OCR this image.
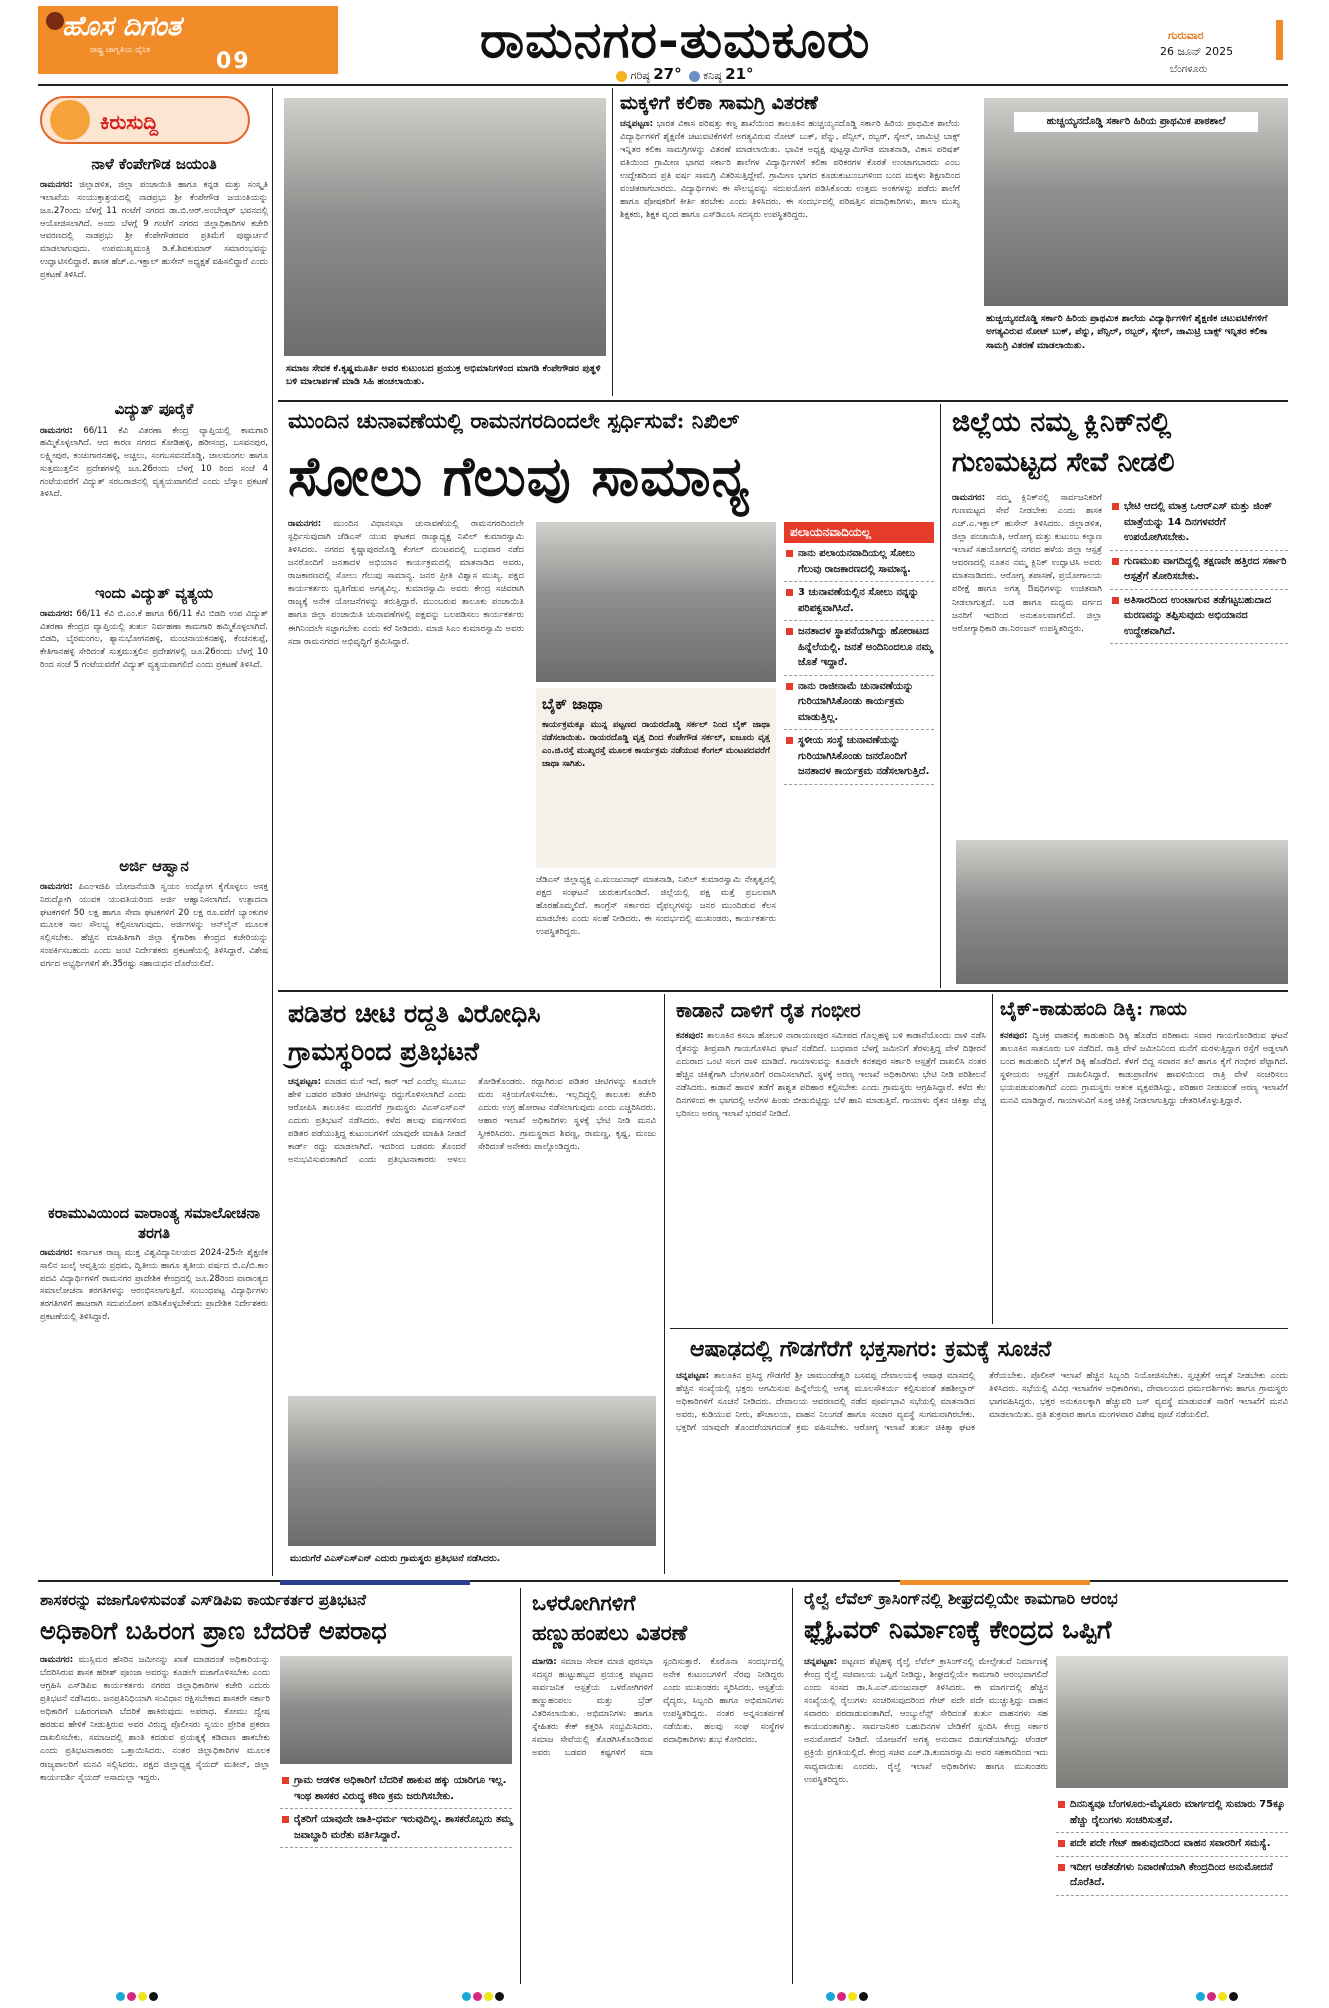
ಹೊಸ ದಿಗಂತ
ರಾಷ್ಟ್ರ ಜಾಗೃತಿಯ ದೈನಿಕ	09	ರಾಮನಗರ-ತುಮಕೂರು
ಗರಿಷ್ಠ 27° ಕನಿಷ್ಠ 21°
ಗುರುವಾರ
26 ಜೂನ್ 2025
ಬೆಂಗಳೂರು
ಕಿರುಸುದ್ದಿ
ನಾಳೆ ಕೆಂಪೇಗೌಡ ಜಯಂತಿ
ರಾಮನಗರ: ಜಿಲ್ಲಾಡಳಿತ, ಜಿಲ್ಲಾ ಪಂಚಾಯಿತಿ ಹಾಗೂ ಕನ್ನಡ ಮತ್ತು ಸಂಸ್ಕೃತಿ ಇಲಾಖೆಯ ಸಂಯುಕ್ತಾಶ್ರಯದಲ್ಲಿ ನಾಡಪ್ರಭು ಶ್ರೀ ಕೆಂಪೇಗೌಡ ಜಯಂತಿಯನ್ನು ಜೂ.27ರಂದು ಬೆಳಗ್ಗೆ 11 ಗಂಟೆಗೆ ನಗರದ ಡಾ.ಬಿ.ಆರ್.ಅಂಬೇಡ್ಕರ್ ಭವನದಲ್ಲಿ ಆಯೋಜಿಸಲಾಗಿದೆ. ಅಂದು ಬೆಳಗ್ಗೆ 9 ಗಂಟೆಗೆ ನಗರದ ಜಿಲ್ಲಾಧಿಕಾರಿಗಳ ಕಚೇರಿ ಆವರಣದಲ್ಲಿ ನಾಡಪ್ರಭು ಶ್ರೀ ಕೆಂಪೇಗೌಡರವರ ಪ್ರತಿಮೆಗೆ ಪುಷ್ಪಾರ್ಚನೆ ಮಾಡಲಾಗುವುದು. ಉಪಮುಖ್ಯಮಂತ್ರಿ ಡಿ.ಕೆ.ಶಿವಕುಮಾರ್ ಸಮಾರಂಭವನ್ನು ಉದ್ಘಾಟಿಸಲಿದ್ದಾರೆ. ಶಾಸಕ ಹೆಚ್.ಎ.ಇಕ್ಬಾಲ್ ಹುಸೇನ್ ಅಧ್ಯಕ್ಷತೆ ವಹಿಸಲಿದ್ದಾರೆ ಎಂದು ಪ್ರಕಟಣೆ ತಿಳಿಸಿದೆ.
ವಿದ್ಯುತ್ ಪೂರೈಕೆ
ರಾಮನಗರ: 66/11 ಕೆವಿ ವಿತರಣಾ ಕೇಂದ್ರ ವ್ಯಾಪ್ತಿಯಲ್ಲಿ ಕಾಮಗಾರಿ ಹಮ್ಮಿಕೊಳ್ಳಲಾಗಿದೆ. ಆದ ಕಾರಣ ನಗರದ ಕೋಡಿಹಳ್ಳಿ, ಹರೀಸಂದ್ರ, ಬಸವನಪುರ, ಲಕ್ಷ್ಮೀಪುರ, ಕಂಚುಗಾರನಹಳ್ಳಿ, ಅಚ್ಚಲು, ಸಂಗಬಸವನದೊಡ್ಡಿ, ಜಾಲಮಂಗಲ ಹಾಗೂ ಸುತ್ತಮುತ್ತಲಿನ ಪ್ರದೇಶಗಳಲ್ಲಿ ಜೂ.26ರಂದು ಬೆಳಗ್ಗೆ 10 ರಿಂದ ಸಂಜೆ 4 ಗಂಟೆಯವರೆಗೆ ವಿದ್ಯುತ್ ಸರಬರಾಜಿನಲ್ಲಿ ವ್ಯತ್ಯಯವಾಗಲಿದೆ ಎಂದು ಬೆಸ್ಕಾಂ ಪ್ರಕಟಣೆ ತಿಳಿಸಿದೆ.
ಇಂದು ವಿದ್ಯುತ್ ವ್ಯತ್ಯಯ
ರಾಮನಗರ: 66/11 ಕೆವಿ ಬಿ.ಎಂ.ಕೆ ಹಾಗೂ 66/11 ಕೆವಿ ಬಿಡದಿ ಉಪ ವಿದ್ಯುತ್ ವಿತರಣಾ ಕೇಂದ್ರದ ವ್ಯಾಪ್ತಿಯಲ್ಲಿ ತುರ್ತು ನಿರ್ವಹಣಾ ಕಾಮಗಾರಿ ಹಮ್ಮಿಕೊಳ್ಳಲಾಗಿದೆ. ಬಿಡದಿ, ಬೈರಮಂಗಲ, ಶ್ಯಾನುಭೋಗನಹಳ್ಳಿ, ಮಂಚನಾಯಕನಹಳ್ಳಿ, ಕೆಂಚನಕುಪ್ಪೆ, ಕೇತಿಗಾನಹಳ್ಳಿ ಸೇರಿದಂತೆ ಸುತ್ತಮುತ್ತಲಿನ ಪ್ರದೇಶಗಳಲ್ಲಿ ಜೂ.26ರಂದು ಬೆಳಗ್ಗೆ 10 ರಿಂದ ಸಂಜೆ 5 ಗಂಟೆಯವರೆಗೆ ವಿದ್ಯುತ್ ವ್ಯತ್ಯಯವಾಗಲಿದೆ ಎಂದು ಪ್ರಕಟಣೆ ತಿಳಿಸಿದೆ.
ಅರ್ಜಿ ಆಹ್ವಾನ
ರಾಮನಗರ: ಪಿಎಂಇಜಿಪಿ ಯೋಜನೆಯಡಿ ಸ್ವಯಂ ಉದ್ಯೋಗ ಕೈಗೊಳ್ಳಲು ಆಸಕ್ತ ನಿರುದ್ಯೋಗಿ ಯುವಕ ಯುವತಿಯರಿಂದ ಅರ್ಜಿ ಆಹ್ವಾನಿಸಲಾಗಿದೆ. ಉತ್ಪಾದನಾ ಘಟಕಗಳಿಗೆ 50 ಲಕ್ಷ ಹಾಗೂ ಸೇವಾ ಘಟಕಗಳಿಗೆ 20 ಲಕ್ಷ ರೂ.ವರೆಗೆ ಬ್ಯಾಂಕುಗಳ ಮೂಲಕ ಸಾಲ ಸೌಲಭ್ಯ ಕಲ್ಪಿಸಲಾಗುವುದು. ಅರ್ಜಿಗಳನ್ನು ಆನ್‌ಲೈನ್ ಮೂಲಕ ಸಲ್ಲಿಸಬೇಕು. ಹೆಚ್ಚಿನ ಮಾಹಿತಿಗಾಗಿ ಜಿಲ್ಲಾ ಕೈಗಾರಿಕಾ ಕೇಂದ್ರದ ಕಚೇರಿಯನ್ನು ಸಂಪರ್ಕಿಸಬಹುದು ಎಂದು ಜಂಟಿ ನಿರ್ದೇಶಕರು ಪ್ರಕಟಣೆಯಲ್ಲಿ ತಿಳಿಸಿದ್ದಾರೆ. ವಿಶೇಷ ವರ್ಗದ ಅಭ್ಯರ್ಥಿಗಳಿಗೆ ಶೇ.35ರಷ್ಟು ಸಹಾಯಧನ ದೊರೆಯಲಿದೆ.
ಕರಾಮುವಿಯಿಂದ ವಾರಾಂತ್ಯ ಸಮಾಲೋಚನಾ ತರಗತಿ
ರಾಮನಗರ: ಕರ್ನಾಟಕ ರಾಜ್ಯ ಮುಕ್ತ ವಿಶ್ವವಿದ್ಯಾನಿಲಯದ 2024-25ನೇ ಶೈಕ್ಷಣಿಕ ಸಾಲಿನ ಜುಲೈ ಆವೃತ್ತಿಯ ಪ್ರಥಮ, ದ್ವಿತೀಯ ಹಾಗೂ ತೃತೀಯ ವರ್ಷದ ಬಿ.ಎ/ಬಿ.ಕಾಂ ಪದವಿ ವಿದ್ಯಾರ್ಥಿಗಳಿಗೆ ರಾಮನಗರ ಪ್ರಾದೇಶಿಕ ಕೇಂದ್ರದಲ್ಲಿ ಜೂ.28ರಿಂದ ವಾರಾಂತ್ಯದ ಸಮಾಲೋಚನಾ ತರಗತಿಗಳನ್ನು ಆರಂಭಿಸಲಾಗುತ್ತಿದೆ. ಸಂಬಂಧಪಟ್ಟ ವಿದ್ಯಾರ್ಥಿಗಳು ತರಗತಿಗಳಿಗೆ ಹಾಜರಾಗಿ ಸದುಪಯೋಗ ಪಡಿಸಿಕೊಳ್ಳಬೇಕೆಂದು ಪ್ರಾದೇಶಿಕ ನಿರ್ದೇಶಕರು ಪ್ರಕಟಣೆಯಲ್ಲಿ ತಿಳಿಸಿದ್ದಾರೆ.
ಸಮಾಜ ಸೇವಕ ಕೆ.ಕೃಷ್ಣಮೂರ್ತಿ ಅವರ ಕುಟುಂಬದ ಪ್ರಯುಕ್ತ ಅಭಿಮಾನಿಗಳಿಂದ ಮಾಗಡಿ ಕೆಂಪೇಗೌಡರ ಪುತ್ಥಳಿ ಬಳಿ ಮಾಲಾರ್ಪಣೆ ಮಾಡಿ ಸಿಹಿ ಹಂಚಲಾಯಿತು.
ಮಕ್ಕಳಿಗೆ ಕಲಿಕಾ ಸಾಮಗ್ರಿ ವಿತರಣೆ
ಚನ್ನಪಟ್ಟಣ: ಭಾರತ ವಿಕಾಸ ಪರಿಷತ್ತು ಕಣ್ವ ಶಾಖೆಯಿಂದ ತಾಲೂಕಿನ ಹುಚ್ಚಯ್ಯನದೊಡ್ಡಿ ಸರ್ಕಾರಿ ಹಿರಿಯ ಪ್ರಾಥಮಿಕ ಶಾಲೆಯ ವಿದ್ಯಾರ್ಥಿಗಳಿಗೆ ಶೈಕ್ಷಣಿಕ ಚಟುವಟಿಕೆಗಳಿಗೆ ಅಗತ್ಯವಿರುವ ನೋಟ್ ಬುಕ್, ಪೆನ್ನು, ಪೆನ್ಸಿಲ್, ರಬ್ಬರ್, ಸ್ಕೇಲ್, ಜಾಮಿಟ್ರಿ ಬಾಕ್ಸ್ ಇನ್ನಿತರ ಕಲಿಕಾ ಸಾಮಗ್ರಿಗಳನ್ನು ವಿತರಣೆ ಮಾಡಲಾಯಿತು. ಭಾವಿಕ ಅಧ್ಯಕ್ಷ ಪುಟ್ಟಸ್ವಾಮಿಗೌಡ ಮಾತನಾಡಿ, ವಿಕಾಸ ಪರಿಷತ್ ವತಿಯಿಂದ ಗ್ರಾಮೀಣ ಭಾಗದ ಸರ್ಕಾರಿ ಶಾಲೆಗಳ ವಿದ್ಯಾರ್ಥಿಗಳಿಗೆ ಕಲಿಕಾ ಪರಿಕರಗಳ ಕೊರತೆ ಉಂಟಾಗಬಾರದು ಎಂಬ ಉದ್ದೇಶದಿಂದ ಪ್ರತಿ ವರ್ಷ ಸಾಮಗ್ರಿ ವಿತರಿಸುತ್ತಿದ್ದೇವೆ. ಗ್ರಾಮೀಣ ಭಾಗದ ಕೂಡುಕುಟುಂಬಗಳಿಂದ ಬಂದ ಮಕ್ಕಳು ಶಿಕ್ಷಣದಿಂದ ವಂಚಿತರಾಗಬಾರದು. ವಿದ್ಯಾರ್ಥಿಗಳು ಈ ಸೌಲಭ್ಯವನ್ನು ಸದುಪಯೋಗ ಪಡಿಸಿಕೊಂಡು ಉತ್ತಮ ಅಂಕಗಳನ್ನು ಪಡೆದು ಶಾಲೆಗೆ ಹಾಗೂ ಪೋಷಕರಿಗೆ ಕೀರ್ತಿ ತರಬೇಕು ಎಂದು ತಿಳಿಸಿದರು. ಈ ಸಂದರ್ಭದಲ್ಲಿ ಪರಿಷತ್ತಿನ ಪದಾಧಿಕಾರಿಗಳು, ಶಾಲಾ ಮುಖ್ಯ ಶಿಕ್ಷಕರು, ಶಿಕ್ಷಕ ವೃಂದ ಹಾಗೂ ಎಸ್‌ಡಿಎಂಸಿ ಸದಸ್ಯರು ಉಪಸ್ಥಿತರಿದ್ದರು.
ಹುಚ್ಚಯ್ಯನದೊಡ್ಡಿ ಸರ್ಕಾರಿ ಹಿರಿಯ ಪ್ರಾಥಮಿಕ ಪಾಠಶಾಲೆ
ಹುಚ್ಚಯ್ಯನದೊಡ್ಡಿ ಸರ್ಕಾರಿ ಹಿರಿಯ ಪ್ರಾಥಮಿಕ ಶಾಲೆಯ ವಿದ್ಯಾರ್ಥಿಗಳಿಗೆ ಶೈಕ್ಷಣಿಕ ಚಟುವಟಿಕೆಗಳಿಗೆ ಅಗತ್ಯವಿರುವ ನೋಟ್ ಬುಕ್, ಪೆನ್ನು, ಪೆನ್ಸಿಲ್, ರಬ್ಬರ್, ಸ್ಕೇಲ್, ಜಾಮಿಟ್ರಿ ಬಾಕ್ಸ್ ಇನ್ನಿತರ ಕಲಿಕಾ ಸಾಮಗ್ರಿ ವಿತರಣೆ ಮಾಡಲಾಯಿತು.
ಮುಂದಿನ ಚುನಾವಣೆಯಲ್ಲಿ ರಾಮನಗರದಿಂದಲೇ ಸ್ಪರ್ಧಿಸುವೆ: ನಿಖಿಲ್
ಸೋಲು ಗೆಲುವು ಸಾಮಾನ್ಯ
ರಾಮನಗರ: ಮುಂದಿನ ವಿಧಾನಸಭಾ ಚುನಾವಣೆಯಲ್ಲಿ ರಾಮನಗರದಿಂದಲೇ ಸ್ಪರ್ಧಿಸುವುದಾಗಿ ಜೆಡಿಎಸ್ ಯುವ ಘಟಕದ ರಾಜ್ಯಾಧ್ಯಕ್ಷ ನಿಖಿಲ್ ಕುಮಾರಸ್ವಾಮಿ ತಿಳಿಸಿದರು. ನಗರದ ಕೃಷ್ಣಾಪುರದೊಡ್ಡಿ ಕೆಂಗಲ್ ಮಂಟಪದಲ್ಲಿ ಬುಧವಾರ ನಡೆದ ಜನರೊಂದಿಗೆ ಜನತಾದಳ ಅಭಿಯಾನ ಕಾರ್ಯಕ್ರಮದಲ್ಲಿ ಮಾತನಾಡಿದ ಅವರು, ರಾಜಕಾರಣದಲ್ಲಿ ಸೋಲು ಗೆಲುವು ಸಾಮಾನ್ಯ. ಜನರ ಪ್ರೀತಿ ವಿಶ್ವಾಸ ಮುಖ್ಯ. ಪಕ್ಷದ ಕಾರ್ಯಕರ್ತರು ಧೃತಿಗೆಡುವ ಅಗತ್ಯವಿಲ್ಲ. ಕುಮಾರಸ್ವಾಮಿ ಅವರು ಕೇಂದ್ರ ಸಚಿವರಾಗಿ ರಾಜ್ಯಕ್ಕೆ ಅನೇಕ ಯೋಜನೆಗಳನ್ನು ತರುತ್ತಿದ್ದಾರೆ. ಮುಂಬರುವ ತಾಲೂಕು ಪಂಚಾಯಿತಿ ಹಾಗೂ ಜಿಲ್ಲಾ ಪಂಚಾಯಿತಿ ಚುನಾವಣೆಗಳಲ್ಲಿ ಪಕ್ಷವನ್ನು ಬಲಪಡಿಸಲು ಕಾರ್ಯಕರ್ತರು ಈಗಿನಿಂದಲೇ ಸಜ್ಜಾಗಬೇಕು ಎಂದು ಕರೆ ನೀಡಿದರು. ಮಾಜಿ ಸಿಎಂ ಕುಮಾರಸ್ವಾಮಿ ಅವರು ಸದಾ ರಾಮನಗರದ ಅಭಿವೃದ್ಧಿಗೆ ಶ್ರಮಿಸಿದ್ದಾರೆ.
ಬೈಕ್ ಜಾಥಾ
ಕಾರ್ಯಕ್ರಮಕ್ಕೂ ಮುನ್ನ ಪಟ್ಟಣದ ರಾಯರದೊಡ್ಡಿ ಸರ್ಕಲ್ ನಿಂದ ಬೈಕ್ ಜಾಥಾ ನಡೆಸಲಾಯಿತು. ರಾಯರದೊಡ್ಡಿ ವೃತ್ತ ದಿಂದ ಕೆಂಪೇಗೌಡ ಸರ್ಕಲ್, ಐಜೂರು ವೃತ್ತ ಎಂ.ಜಿ.ರಸ್ತೆ ಮುಖ್ಯರಸ್ತೆ ಮೂಲಕ ಕಾರ್ಯಕ್ರಮ ನಡೆಯುವ ಕೆಂಗಲ್ ಮಂಟಪದವರೆಗೆ ಜಾಥಾ ಸಾಗಿತು.
ಜೆಡಿಎಸ್ ಜಿಲ್ಲಾಧ್ಯಕ್ಷ ಎ.ಮಂಜುನಾಥ್ ಮಾತನಾಡಿ, ನಿಖಿಲ್ ಕುಮಾರಸ್ವಾಮಿ ನೇತೃತ್ವದಲ್ಲಿ ಪಕ್ಷದ ಸಂಘಟನೆ ಚುರುಕುಗೊಂಡಿದೆ. ಜಿಲ್ಲೆಯಲ್ಲಿ ಪಕ್ಷ ಮತ್ತೆ ಪ್ರಬಲವಾಗಿ ಹೊರಹೊಮ್ಮಲಿದೆ. ಕಾಂಗ್ರೆಸ್ ಸರ್ಕಾರದ ವೈಫಲ್ಯಗಳನ್ನು ಜನರ ಮುಂದಿಡುವ ಕೆಲಸ ಮಾಡಬೇಕು ಎಂದು ಸಲಹೆ ನೀಡಿದರು. ಈ ಸಂದರ್ಭದಲ್ಲಿ ಮುಖಂಡರು, ಕಾರ್ಯಕರ್ತರು ಉಪಸ್ಥಿತರಿದ್ದರು.
ಪಲಾಯನವಾದಿಯಲ್ಲ
ನಾನು ಪಲಾಯನವಾದಿಯಲ್ಲ ಸೋಲು ಗೆಲುವು ರಾಜಕಾರಣದಲ್ಲಿ ಸಾಮಾನ್ಯ.
3 ಚುನಾವಣೆಯಲ್ಲಿನ ಸೋಲು ನನ್ನನ್ನು ಪರಿಪಕ್ವವಾಗಿಸಿದೆ.
ಜನತಾದಳ ಸ್ಥಾಪನೆಯಾಗಿದ್ದು ಹೋರಾಟದ ಹಿನ್ನೆಲೆಯಲ್ಲಿ. ಜನತೆ ಅಂದಿನಿಂದಲೂ ನಮ್ಮ ಜೊತೆ ಇದ್ದಾರೆ.
ನಾನು ರಾಜೀನಾಮೆ ಚುನಾವಣೆಯನ್ನು ಗುರಿಯಾಗಿಸಿಕೊಂಡು ಕಾರ್ಯಕ್ರಮ ಮಾಡುತ್ತಿಲ್ಲ.
ಸ್ಥಳೀಯ ಸಂಸ್ಥೆ ಚುನಾವಣೆಯನ್ನು ಗುರಿಯಾಗಿಸಿಕೊಂಡು ಜನರೊಂದಿಗೆ ಜನತಾದಳ ಕಾರ್ಯಕ್ರಮ ನಡೆಸಲಾಗುತ್ತಿದೆ.
ಜಿಲ್ಲೆಯ ನಮ್ಮ ಕ್ಲಿನಿಕ್‌ನಲ್ಲಿ
ಗುಣಮಟ್ಟದ ಸೇವೆ ನೀಡಲಿ
ರಾಮನಗರ: ನಮ್ಮ ಕ್ಲಿನಿಕ್‌ನಲ್ಲಿ ಸಾರ್ವಜನಿಕರಿಗೆ ಗುಣಮಟ್ಟದ ಸೇವೆ ನೀಡಬೇಕು ಎಂದು ಶಾಸಕ ಎಚ್.ಎ.ಇಕ್ಬಾಲ್ ಹುಸೇನ್ ತಿಳಿಸಿದರು. ಜಿಲ್ಲಾಡಳಿತ, ಜಿಲ್ಲಾ ಪಂಚಾಯಿತಿ, ಆರೋಗ್ಯ ಮತ್ತು ಕುಟುಂಬ ಕಲ್ಯಾಣ ಇಲಾಖೆ ಸಹಯೋಗದಲ್ಲಿ ನಗರದ ಹಳೆಯ ಜಿಲ್ಲಾ ಆಸ್ಪತ್ರೆ ಆವರಣದಲ್ಲಿ ನೂತನ ನಮ್ಮ ಕ್ಲಿನಿಕ್ ಉದ್ಘಾಟಿಸಿ ಅವರು ಮಾತನಾಡಿದರು. ಆರೋಗ್ಯ ತಪಾಸಣೆ, ಪ್ರಯೋಗಾಲಯ ಪರೀಕ್ಷೆ ಹಾಗೂ ಅಗತ್ಯ ಔಷಧಿಗಳನ್ನು ಉಚಿತವಾಗಿ ನೀಡಲಾಗುತ್ತದೆ. ಬಡ ಹಾಗೂ ಮಧ್ಯಮ ವರ್ಗದ ಜನರಿಗೆ ಇದರಿಂದ ಅನುಕೂಲವಾಗಲಿದೆ. ಜಿಲ್ಲಾ ಆರೋಗ್ಯಾಧಿಕಾರಿ ಡಾ.ನಿರಂಜನ್ ಉಪಸ್ಥಿತರಿದ್ದರು.
ಭೇಟಿ ಆದಲ್ಲಿ ಮಾತ್ರ ಒಆರ್‌ಎಸ್ ಮತ್ತು ಜಿಂಕ್ ಮಾತ್ರೆಯನ್ನು 14 ದಿನಗಳವರೆಗೆ ಉಪಯೋಗಿಸಬೇಕು.
ಗುಣಮುಖ ವಾಗದಿದ್ದಲ್ಲಿ ತಕ್ಷಣವೇ ಹತ್ತಿರದ ಸರ್ಕಾರಿ ಆಸ್ಪತ್ರೆಗೆ ತೋರಿಸಬೇಕು.
ಅತಿಸಾರದಿಂದ ಉಂಟಾಗುವ ತಡೆಗಟ್ಟಬಹುದಾದ ಮರಣವನ್ನು ತಪ್ಪಿಸುವುದು ಅಭಿಯಾನದ ಉದ್ದೇಶವಾಗಿದೆ.
ಪಡಿತರ ಚೀಟಿ ರದ್ದತಿ ವಿರೋಧಿಸಿ
ಗ್ರಾಮಸ್ಥರಿಂದ ಪ್ರತಿಭಟನೆ
ಚನ್ನಪಟ್ಟಣ: ಮಾಡದ ಮನೆ ಇದೆ, ಕಾರ್ ಇದೆ ಎಂದೆಲ್ಲ ಸಬೂಬು ಹೇಳಿ ಬಡವರ ಪಡಿತರ ಚೀಟಿಗಳನ್ನು ರದ್ದುಗೊಳಿಸಲಾಗಿದೆ ಎಂದು ಆರೋಪಿಸಿ ತಾಲೂಕಿನ ಮುದಗೆರೆ ಗ್ರಾಮಸ್ಥರು ವಿಎಸ್‌ಎಸ್‌ಎನ್ ಎದುರು ಪ್ರತಿಭಟನೆ ನಡೆಸಿದರು. ಕಳೆದ ಹಲವು ವರ್ಷಗಳಿಂದ ಪಡಿತರ ಪಡೆಯುತ್ತಿದ್ದ ಕುಟುಂಬಗಳಿಗೆ ಯಾವುದೇ ಮಾಹಿತಿ ನೀಡದೆ ಕಾರ್ಡ್ ರದ್ದು ಮಾಡಲಾಗಿದೆ. ಇದರಿಂದ ಬಡವರು ತೊಂದರೆ ಅನುಭವಿಸುವಂತಾಗಿದೆ ಎಂದು ಪ್ರತಿಭಟನಾಕಾರರು ಅಳಲು ತೋಡಿಕೊಂಡರು. ರದ್ದಾಗಿರುವ ಪಡಿತರ ಚೀಟಿಗಳನ್ನು ಕೂಡಲೇ ಮರು ಸಕ್ರಿಯಗೊಳಿಸಬೇಕು. ಇಲ್ಲದಿದ್ದಲ್ಲಿ ತಾಲೂಕು ಕಚೇರಿ ಎದುರು ಉಗ್ರ ಹೋರಾಟ ನಡೆಸಲಾಗುವುದು ಎಂದು ಎಚ್ಚರಿಸಿದರು. ಆಹಾರ ಇಲಾಖೆ ಅಧಿಕಾರಿಗಳು ಸ್ಥಳಕ್ಕೆ ಭೇಟಿ ನೀಡಿ ಮನವಿ ಸ್ವೀಕರಿಸಿದರು. ಗ್ರಾಮಸ್ಥರಾದ ಶಿವಣ್ಣ, ರಾಮಣ್ಣ, ಕೃಷ್ಣ, ಮಂಜು ಸೇರಿದಂತೆ ಅನೇಕರು ಪಾಲ್ಗೊಂಡಿದ್ದರು.
ಮುದುಗೆರೆ ವಿಎಸ್‌ಎಸ್‌ಎನ್ ಎದುರು ಗ್ರಾಮಸ್ಥರು ಪ್ರತಿಭಟನೆ ನಡೆಸಿದರು.
ಕಾಡಾನೆ ದಾಳಿಗೆ ರೈತ ಗಂಭೀರ
ಕನಕಪುರ: ತಾಲೂಕಿನ ಕಸಬಾ ಹೋಬಳಿ ನಾರಾಯಣಪುರ ಸಮೀಪದ ಗೊಲ್ಲಹಳ್ಳಿ ಬಳಿ ಕಾಡಾನೆಯೊಂದು ದಾಳಿ ನಡೆಸಿ ರೈತನನ್ನು ತೀವ್ರವಾಗಿ ಗಾಯಗೊಳಿಸಿದ ಘಟನೆ ನಡೆದಿದೆ. ಬುಧವಾರ ಬೆಳಗ್ಗೆ ಜಮೀನಿಗೆ ತೆರಳುತ್ತಿದ್ದ ವೇಳೆ ದಿಢೀರನೆ ಎದುರಾದ ಒಂಟಿ ಸಲಗ ದಾಳಿ ಮಾಡಿದೆ. ಗಾಯಾಳುವನ್ನು ಕೂಡಲೇ ಕನಕಪುರ ಸರ್ಕಾರಿ ಆಸ್ಪತ್ರೆಗೆ ದಾಖಲಿಸಿ ನಂತರ ಹೆಚ್ಚಿನ ಚಿಕಿತ್ಸೆಗಾಗಿ ಬೆಂಗಳೂರಿಗೆ ರವಾನಿಸಲಾಗಿದೆ. ಸ್ಥಳಕ್ಕೆ ಅರಣ್ಯ ಇಲಾಖೆ ಅಧಿಕಾರಿಗಳು ಭೇಟಿ ನೀಡಿ ಪರಿಶೀಲನೆ ನಡೆಸಿದರು. ಕಾಡಾನೆ ಹಾವಳಿ ತಡೆಗೆ ಶಾಶ್ವತ ಪರಿಹಾರ ಕಲ್ಪಿಸಬೇಕು ಎಂದು ಗ್ರಾಮಸ್ಥರು ಆಗ್ರಹಿಸಿದ್ದಾರೆ. ಕಳೆದ ಕೆಲ ದಿನಗಳಿಂದ ಈ ಭಾಗದಲ್ಲಿ ಆನೆಗಳ ಹಿಂಡು ಬೀಡುಬಿಟ್ಟಿದ್ದು ಬೆಳೆ ಹಾನಿ ಮಾಡುತ್ತಿವೆ. ಗಾಯಾಳು ರೈತನ ಚಿಕಿತ್ಸಾ ವೆಚ್ಚ ಭರಿಸಲು ಅರಣ್ಯ ಇಲಾಖೆ ಭರವಸೆ ನೀಡಿದೆ.
ಬೈಕ್-ಕಾಡುಹಂದಿ ಡಿಕ್ಕಿ: ಗಾಯ
ಕನಕಪುರ: ದ್ವಿಚಕ್ರ ವಾಹನಕ್ಕೆ ಕಾಡುಹಂದಿ ಡಿಕ್ಕಿ ಹೊಡೆದ ಪರಿಣಾಮ ಸವಾರ ಗಾಯಗೊಂಡಿರುವ ಘಟನೆ ತಾಲೂಕಿನ ಸಾತನೂರು ಬಳಿ ನಡೆದಿದೆ. ರಾತ್ರಿ ವೇಳೆ ಜಮೀನಿನಿಂದ ಮನೆಗೆ ಮರಳುತ್ತಿದ್ದಾಗ ರಸ್ತೆಗೆ ಅಡ್ಡಲಾಗಿ ಬಂದ ಕಾಡುಹಂದಿ ಬೈಕ್‌ಗೆ ಡಿಕ್ಕಿ ಹೊಡೆದಿದೆ. ಕೆಳಗೆ ಬಿದ್ದ ಸವಾರನ ತಲೆ ಹಾಗೂ ಕೈಗೆ ಗಂಭೀರ ಪೆಟ್ಟಾಗಿದೆ. ಸ್ಥಳೀಯರು ಆಸ್ಪತ್ರೆಗೆ ದಾಖಲಿಸಿದ್ದಾರೆ. ಕಾಡುಪ್ರಾಣಿಗಳ ಹಾವಳಿಯಿಂದ ರಾತ್ರಿ ವೇಳೆ ಸಂಚರಿಸಲು ಭಯಪಡುವಂತಾಗಿದೆ ಎಂದು ಗ್ರಾಮಸ್ಥರು ಆತಂಕ ವ್ಯಕ್ತಪಡಿಸಿದ್ದು, ಪರಿಹಾರ ನೀಡುವಂತೆ ಅರಣ್ಯ ಇಲಾಖೆಗೆ ಮನವಿ ಮಾಡಿದ್ದಾರೆ. ಗಾಯಾಳುವಿಗೆ ಸೂಕ್ತ ಚಿಕಿತ್ಸೆ ನೀಡಲಾಗುತ್ತಿದ್ದು ಚೇತರಿಸಿಕೊಳ್ಳುತ್ತಿದ್ದಾರೆ.
ಆಷಾಢದಲ್ಲಿ ಗೌಡಗೆರೆಗೆ ಭಕ್ತಸಾಗರ: ಕ್ರಮಕ್ಕೆ ಸೂಚನೆ
ಚನ್ನಪಟ್ಟಣ: ತಾಲೂಕಿನ ಪ್ರಸಿದ್ಧ ಗೌಡಗೆರೆ ಶ್ರೀ ಚಾಮುಂಡೇಶ್ವರಿ ಬಸವಪ್ಪ ದೇವಾಲಯಕ್ಕೆ ಆಷಾಢ ಮಾಸದಲ್ಲಿ ಹೆಚ್ಚಿನ ಸಂಖ್ಯೆಯಲ್ಲಿ ಭಕ್ತರು ಆಗಮಿಸುವ ಹಿನ್ನೆಲೆಯಲ್ಲಿ ಅಗತ್ಯ ಮೂಲಸೌಕರ್ಯ ಕಲ್ಪಿಸುವಂತೆ ತಹಶೀಲ್ದಾರ್ ಅಧಿಕಾರಿಗಳಿಗೆ ಸೂಚನೆ ನೀಡಿದರು. ದೇವಾಲಯ ಆವರಣದಲ್ಲಿ ನಡೆದ ಪೂರ್ವಭಾವಿ ಸಭೆಯಲ್ಲಿ ಮಾತನಾಡಿದ ಅವರು, ಕುಡಿಯುವ ನೀರು, ಶೌಚಾಲಯ, ವಾಹನ ನಿಲುಗಡೆ ಹಾಗೂ ಸಂಚಾರ ವ್ಯವಸ್ಥೆ ಸುಗಮವಾಗಿರಬೇಕು. ಭಕ್ತರಿಗೆ ಯಾವುದೇ ತೊಂದರೆಯಾಗದಂತೆ ಕ್ರಮ ವಹಿಸಬೇಕು. ಆರೋಗ್ಯ ಇಲಾಖೆ ತುರ್ತು ಚಿಕಿತ್ಸಾ ಘಟಕ ತೆರೆಯಬೇಕು. ಪೊಲೀಸ್ ಇಲಾಖೆ ಹೆಚ್ಚಿನ ಸಿಬ್ಬಂದಿ ನಿಯೋಜಿಸಬೇಕು. ಸ್ವಚ್ಛತೆಗೆ ಆದ್ಯತೆ ನೀಡಬೇಕು ಎಂದು ತಿಳಿಸಿದರು. ಸಭೆಯಲ್ಲಿ ವಿವಿಧ ಇಲಾಖೆಗಳ ಅಧಿಕಾರಿಗಳು, ದೇವಾಲಯದ ಧರ್ಮದರ್ಶಿಗಳು ಹಾಗೂ ಗ್ರಾಮಸ್ಥರು ಭಾಗವಹಿಸಿದ್ದರು. ಭಕ್ತರ ಅನುಕೂಲಕ್ಕಾಗಿ ಹೆಚ್ಚುವರಿ ಬಸ್ ವ್ಯವಸ್ಥೆ ಮಾಡುವಂತೆ ಸಾರಿಗೆ ಇಲಾಖೆಗೆ ಮನವಿ ಮಾಡಲಾಯಿತು. ಪ್ರತಿ ಶುಕ್ರವಾರ ಹಾಗೂ ಮಂಗಳವಾರ ವಿಶೇಷ ಪೂಜೆ ನಡೆಯಲಿದೆ.
ಶಾಸಕರನ್ನು ವಜಾಗೊಳಿಸುವಂತೆ ಎಸ್‌ಡಿಪಿಐ ಕಾರ್ಯಕರ್ತರ ಪ್ರತಿಭಟನೆ
ಅಧಿಕಾರಿಗೆ ಬಹಿರಂಗ ಪ್ರಾಣ ಬೆದರಿಕೆ ಅಪರಾಧ
ರಾಮನಗರ: ಮುಸ್ಲಿಮರ ಹೆಸರಿನ ಜಮೀನನ್ನು ಖಾತೆ ಮಾಡದಂತೆ ಅಧಿಕಾರಿಯನ್ನು ಬೆದರಿಸಿರುವ ಶಾಸಕ ಹರೀಶ್ ಪೂಂಜಾ ಅವರನ್ನು ಕೂಡಲೇ ವಜಾಗೊಳಿಸಬೇಕು ಎಂದು ಆಗ್ರಹಿಸಿ ಎಸ್‌ಡಿಪಿಐ ಕಾರ್ಯಕರ್ತರು ನಗರದ ಜಿಲ್ಲಾಧಿಕಾರಿಗಳ ಕಚೇರಿ ಎದುರು ಪ್ರತಿಭಟನೆ ನಡೆಸಿದರು. ಜನಪ್ರತಿನಿಧಿಯಾಗಿ ಸಂವಿಧಾನ ರಕ್ಷಿಸಬೇಕಾದ ಶಾಸಕರೇ ಸರ್ಕಾರಿ ಅಧಿಕಾರಿಗೆ ಬಹಿರಂಗವಾಗಿ ಬೆದರಿಕೆ ಹಾಕಿರುವುದು ಅಪರಾಧ. ಕೋಮು ದ್ವೇಷ ಹರಡುವ ಹೇಳಿಕೆ ನೀಡುತ್ತಿರುವ ಅವರ ವಿರುದ್ಧ ಪೊಲೀಸರು ಸ್ವಯಂ ಪ್ರೇರಿತ ಪ್ರಕರಣ ದಾಖಲಿಸಬೇಕು. ಸಮಾಜದಲ್ಲಿ ಶಾಂತಿ ಕದಡುವ ಪ್ರಯತ್ನಕ್ಕೆ ಕಡಿವಾಣ ಹಾಕಬೇಕು ಎಂದು ಪ್ರತಿಭಟನಾಕಾರರು ಒತ್ತಾಯಿಸಿದರು. ನಂತರ ಜಿಲ್ಲಾಧಿಕಾರಿಗಳ ಮೂಲಕ ರಾಜ್ಯಪಾಲರಿಗೆ ಮನವಿ ಸಲ್ಲಿಸಿದರು. ಪಕ್ಷದ ಜಿಲ್ಲಾಧ್ಯಕ್ಷ ಸೈಯದ್ ಮತೀನ್, ಜಿಲ್ಲಾ ಕಾರ್ಯದರ್ಶಿ ಸೈಯದ್ ಅಸಾದುಲ್ಲಾ ಇದ್ದರು.	ಗ್ರಾಮ ಆಡಳಿತ ಅಧಿಕಾರಿಗೆ ಬೆದರಿಕೆ ಹಾಕುವ ಹಕ್ಕು ಯಾರಿಗೂ ಇಲ್ಲ. ಇಂಥ ಶಾಸಕರ ವಿರುದ್ಧ ಕಠಿಣ ಕ್ರಮ ಜರುಗಿಸಬೇಕು.
ರೈತರಿಗೆ ಯಾವುದೇ ಜಾತಿ-ಧರ್ಮ ಇರುವುದಿಲ್ಲ. ಶಾಸಕರೊಬ್ಬರು ತಮ್ಮ ಜವಾಬ್ದಾರಿ ಮರೆತು ವರ್ತಿಸಿದ್ದಾರೆ.
ಒಳರೋಗಿಗಳಿಗೆ
ಹಣ್ಣುಹಂಪಲು ವಿತರಣೆ
ಮಾಗಡಿ: ಸಮಾಜ ಸೇವಕ ಮಾಜಿ ಪುರಸಭಾ ಸದಸ್ಯರ ಹುಟ್ಟುಹಬ್ಬದ ಪ್ರಯುಕ್ತ ಪಟ್ಟಣದ ಸಾರ್ವಜನಿಕ ಆಸ್ಪತ್ರೆಯ ಒಳರೋಗಿಗಳಿಗೆ ಹಣ್ಣುಹಂಪಲು ಮತ್ತು ಬ್ರೆಡ್ ವಿತರಿಸಲಾಯಿತು. ಅಭಿಮಾನಿಗಳು ಹಾಗೂ ಸ್ನೇಹಿತರು ಕೇಕ್ ಕತ್ತರಿಸಿ ಸಂಭ್ರಮಿಸಿದರು. ಸಮಾಜ ಸೇವೆಯಲ್ಲಿ ತೊಡಗಿಸಿಕೊಂಡಿರುವ ಅವರು ಬಡವರ ಕಷ್ಟಗಳಿಗೆ ಸದಾ ಸ್ಪಂದಿಸುತ್ತಾರೆ. ಕೊರೊನಾ ಸಂದರ್ಭದಲ್ಲಿ ಅನೇಕ ಕುಟುಂಬಗಳಿಗೆ ನೆರವು ನೀಡಿದ್ದರು ಎಂದು ಮುಖಂಡರು ಸ್ಮರಿಸಿದರು. ಆಸ್ಪತ್ರೆಯ ವೈದ್ಯರು, ಸಿಬ್ಬಂದಿ ಹಾಗೂ ಅಭಿಮಾನಿಗಳು ಉಪಸ್ಥಿತರಿದ್ದರು. ನಂತರ ಅನ್ನಸಂತರ್ಪಣೆ ನಡೆಯಿತು. ಹಲವು ಸಂಘ ಸಂಸ್ಥೆಗಳ ಪದಾಧಿಕಾರಿಗಳು ಶುಭ ಕೋರಿದರು.
ರೈಲ್ವೆ ಲೆವೆಲ್ ಕ್ರಾಸಿಂಗ್‌ನಲ್ಲಿ ಶೀಘ್ರದಲ್ಲಿಯೇ ಕಾಮಗಾರಿ ಆರಂಭ
ಫ್ಲೈಓವರ್ ನಿರ್ಮಾಣಕ್ಕೆ ಕೇಂದ್ರದ ಒಪ್ಪಿಗೆ
ಚನ್ನಪಟ್ಟಣ: ಪಟ್ಟಣದ ಶೆಟ್ಟಿಹಳ್ಳಿ ರೈಲ್ವೆ ಲೆವೆಲ್ ಕ್ರಾಸಿಂಗ್‌ನಲ್ಲಿ ಮೇಲ್ಸೇತುವೆ ನಿರ್ಮಾಣಕ್ಕೆ ಕೇಂದ್ರ ರೈಲ್ವೆ ಸಚಿವಾಲಯ ಒಪ್ಪಿಗೆ ನೀಡಿದ್ದು, ಶೀಘ್ರದಲ್ಲಿಯೇ ಕಾಮಗಾರಿ ಆರಂಭವಾಗಲಿದೆ ಎಂದು ಸಂಸದ ಡಾ.ಸಿ.ಎನ್.ಮಂಜುನಾಥ್ ತಿಳಿಸಿದರು. ಈ ಮಾರ್ಗದಲ್ಲಿ ಹೆಚ್ಚಿನ ಸಂಖ್ಯೆಯಲ್ಲಿ ರೈಲುಗಳು ಸಂಚರಿಸುವುದರಿಂದ ಗೇಟ್ ಪದೇ ಪದೇ ಮುಚ್ಚುತ್ತಿದ್ದು ವಾಹನ ಸವಾರರು ಪರದಾಡುವಂತಾಗಿದೆ. ಆಂಬ್ಯುಲೆನ್ಸ್ ಸೇರಿದಂತೆ ತುರ್ತು ವಾಹನಗಳು ಸಹ ಕಾಯುವಂತಾಗಿತ್ತು. ಸಾರ್ವಜನಿಕರ ಬಹುದಿನಗಳ ಬೇಡಿಕೆಗೆ ಸ್ಪಂದಿಸಿ ಕೇಂದ್ರ ಸರ್ಕಾರ ಅನುಮೋದನೆ ನೀಡಿದೆ. ಯೋಜನೆಗೆ ಅಗತ್ಯ ಅನುದಾನ ಬಿಡುಗಡೆಯಾಗಿದ್ದು ಟೆಂಡರ್ ಪ್ರಕ್ರಿಯೆ ಪ್ರಗತಿಯಲ್ಲಿದೆ. ಕೇಂದ್ರ ಸಚಿವ ಎಚ್.ಡಿ.ಕುಮಾರಸ್ವಾಮಿ ಅವರ ಸಹಕಾರದಿಂದ ಇದು ಸಾಧ್ಯವಾಯಿತು ಎಂದರು. ರೈಲ್ವೆ ಇಲಾಖೆ ಅಧಿಕಾರಿಗಳು ಹಾಗೂ ಮುಖಂಡರು ಉಪಸ್ಥಿತರಿದ್ದರು.
ದಿನನಿತ್ಯವೂ ಬೆಂಗಳೂರು-ಮೈಸೂರು ಮಾರ್ಗದಲ್ಲಿ ಸುಮಾರು 75ಕ್ಕೂ ಹೆಚ್ಚು ರೈಲುಗಳು ಸಂಚರಿಸುತ್ತವೆ.
ಪದೇ ಪದೇ ಗೇಟ್ ಹಾಕುವುದರಿಂದ ವಾಹನ ಸವಾರರಿಗೆ ಸಮಸ್ಯೆ.
ಇದೀಗ ಅಡೆತಡೆಗಳು ನಿವಾರಣೆಯಾಗಿ ಕೇಂದ್ರದಿಂದ ಅನುಮೋದನೆ ದೊರೆತಿದೆ.
